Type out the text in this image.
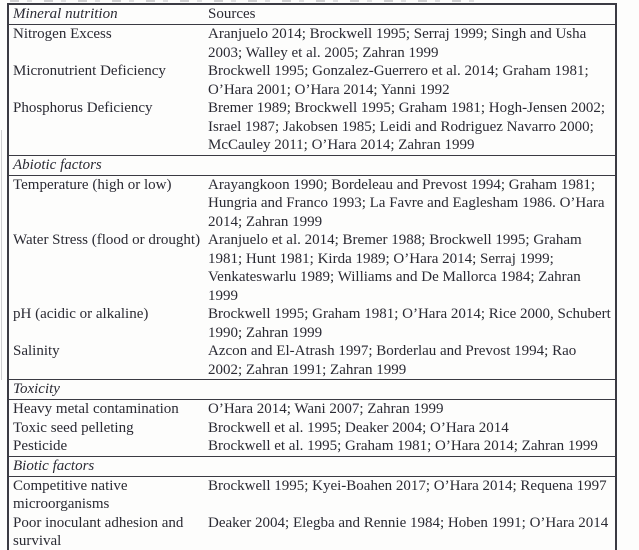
Mineral nutrition	Sources
Nitrogen Excess	Aranjuelo 2014; Brockwell 1995; Serraj 1999; Singh and Usha 2003; Walley et al. 2005; Zahran 1999
Micronutrient Deficiency	Brockwell 1995; Gonzalez-Guerrero et al. 2014; Graham 1981; O’Hara 2001; O’Hara 2014; Yanni 1992
Phosphorus Deficiency	Bremer 1989; Brockwell 1995; Graham 1981; Hogh-Jensen 2002; Israel 1987; Jakobsen 1985; Leidi and Rodriguez Navarro 2000; McCauley 2011; O’Hara 2014; Zahran 1999
Abiotic factors	
Temperature (high or low)	Arayangkoon 1990; Bordeleau and Prevost 1994; Graham 1981; Hungria and Franco 1993; La Favre and Eaglesham 1986. O’Hara 2014; Zahran 1999
Water Stress (flood or drought)	Aranjuelo et al. 2014; Bremer 1988; Brockwell 1995; Graham 1981; Hunt 1981; Kirda 1989; O’Hara 2014; Serraj 1999; Venkateswarlu 1989; Williams and De Mallorca 1984; Zahran 1999
pH (acidic or alkaline)	Brockwell 1995; Graham 1981; O’Hara 2014; Rice 2000, Schubert 1990; Zahran 1999
Salinity	Azcon and El-Atrash 1997; Borderlau and Prevost 1994; Rao 2002; Zahran 1991; Zahran 1999
Toxicity	
Heavy metal contamination	O’Hara 2014; Wani 2007; Zahran 1999
Toxic seed pelleting	Brockwell et al. 1995; Deaker 2004; O’Hara 2014
Pesticide	Brockwell et al. 1995; Graham 1981; O’Hara 2014; Zahran 1999
Biotic factors	
Competitive native microorganisms	Brockwell 1995; Kyei-Boahen 2017; O’Hara 2014; Requena 1997
Poor inoculant adhesion and survival	Deaker 2004; Elegba and Rennie 1984; Hoben 1991; O’Hara 2014
